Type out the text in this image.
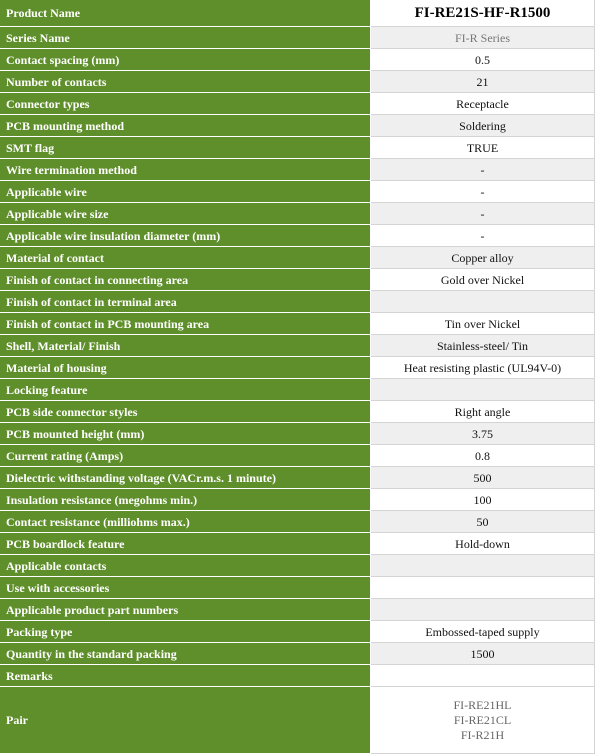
Product Name	FI-RE21S-HF-R1500
Series Name	FI-R Series
Contact spacing (mm)	0.5
Number of contacts	21
Connector types	Receptacle
PCB mounting method	Soldering
SMT flag	TRUE
Wire termination method	-
Applicable wire	-
Applicable wire size	-
Applicable wire insulation diameter (mm)	-
Material of contact	Copper alloy
Finish of contact in connecting area	Gold over Nickel
Finish of contact in terminal area	
Finish of contact in PCB mounting area	Tin over Nickel
Shell, Material/ Finish	Stainless-steel/ Tin
Material of housing	Heat resisting plastic (UL94V-0)
Locking feature	
PCB side connector styles	Right angle
PCB mounted height (mm)	3.75
Current rating (Amps)	0.8
Dielectric withstanding voltage (VACr.m.s. 1 minute)	500
Insulation resistance (megohms min.)	100
Contact resistance (milliohms max.)	50
PCB boardlock feature	Hold-down
Applicable contacts	
Use with accessories	
Applicable product part numbers	
Packing type	Embossed-taped supply
Quantity in the standard packing	1500
Remarks	
Pair	FI-RE21HL
FI-RE21CL
FI-R21H
